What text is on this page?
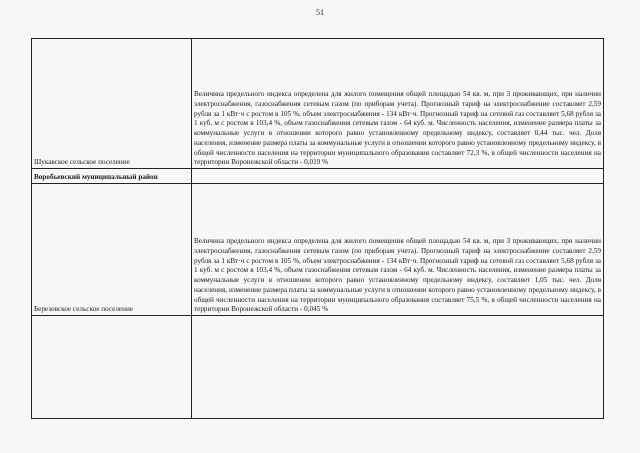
51
Шукавское сельское поселение	Величина предельного индекса определена для жилого помещения общей площадью 54 кв. м, при 3 проживающих, при наличии электроснабжения, газоснабжения сетевым газом (по приборам учета). Прогнозный тариф на электроснабжение составляет 2,59 рубля за 1 кВт·ч с ростом в 105 %, объем электроснабжения - 134 кВт·ч. Прогнозный тариф на сетевой газ составляет 5,68 рубля за 1 куб. м с ростом в 103,4 %, объем газоснабжения сетевым газом - 64 куб. м. Численность населения, изменение размера платы за коммунальные услуги в отношении которого равно установленному предельному индексу, составляет 0,44 тыс. чел. Доля населения, изменение размера платы за коммунальные услуги в отношении которого равно установленному предельному индексу, в общей численности населения на территории муниципального образования составляет 72,3 %, в общей численности населения на территории Воронежской области - 0,019 %
Воробьевский муниципальный район	
Березовское сельское поселение	Величина предельного индекса определена для жилого помещения общей площадью 54 кв. м, при 3 проживающих, при наличии электроснабжения, газоснабжения сетевым газом (по приборам учета). Прогнозный тариф на электроснабжение составляет 2,59 рубля за 1 кВт·ч с ростом в 105 %, объем электроснабжения - 134 кВт·ч. Прогнозный тариф на сетевой газ составляет 5,68 рубля за 1 куб. м с ростом в 103,4 %, объем газоснабжения сетевым газом - 64 куб. м. Численность населения, изменение размера платы за коммунальные услуги в отношении которого равно установленному предельному индексу, составляет 1,05 тыс. чел. Доля населения, изменение размера платы за коммунальные услуги в отношении которого равно установленному предельному индексу, в общей численности населения на территории муниципального образования составляет 75,5 %, в общей численности населения на территории Воронежской области - 0,045 %
